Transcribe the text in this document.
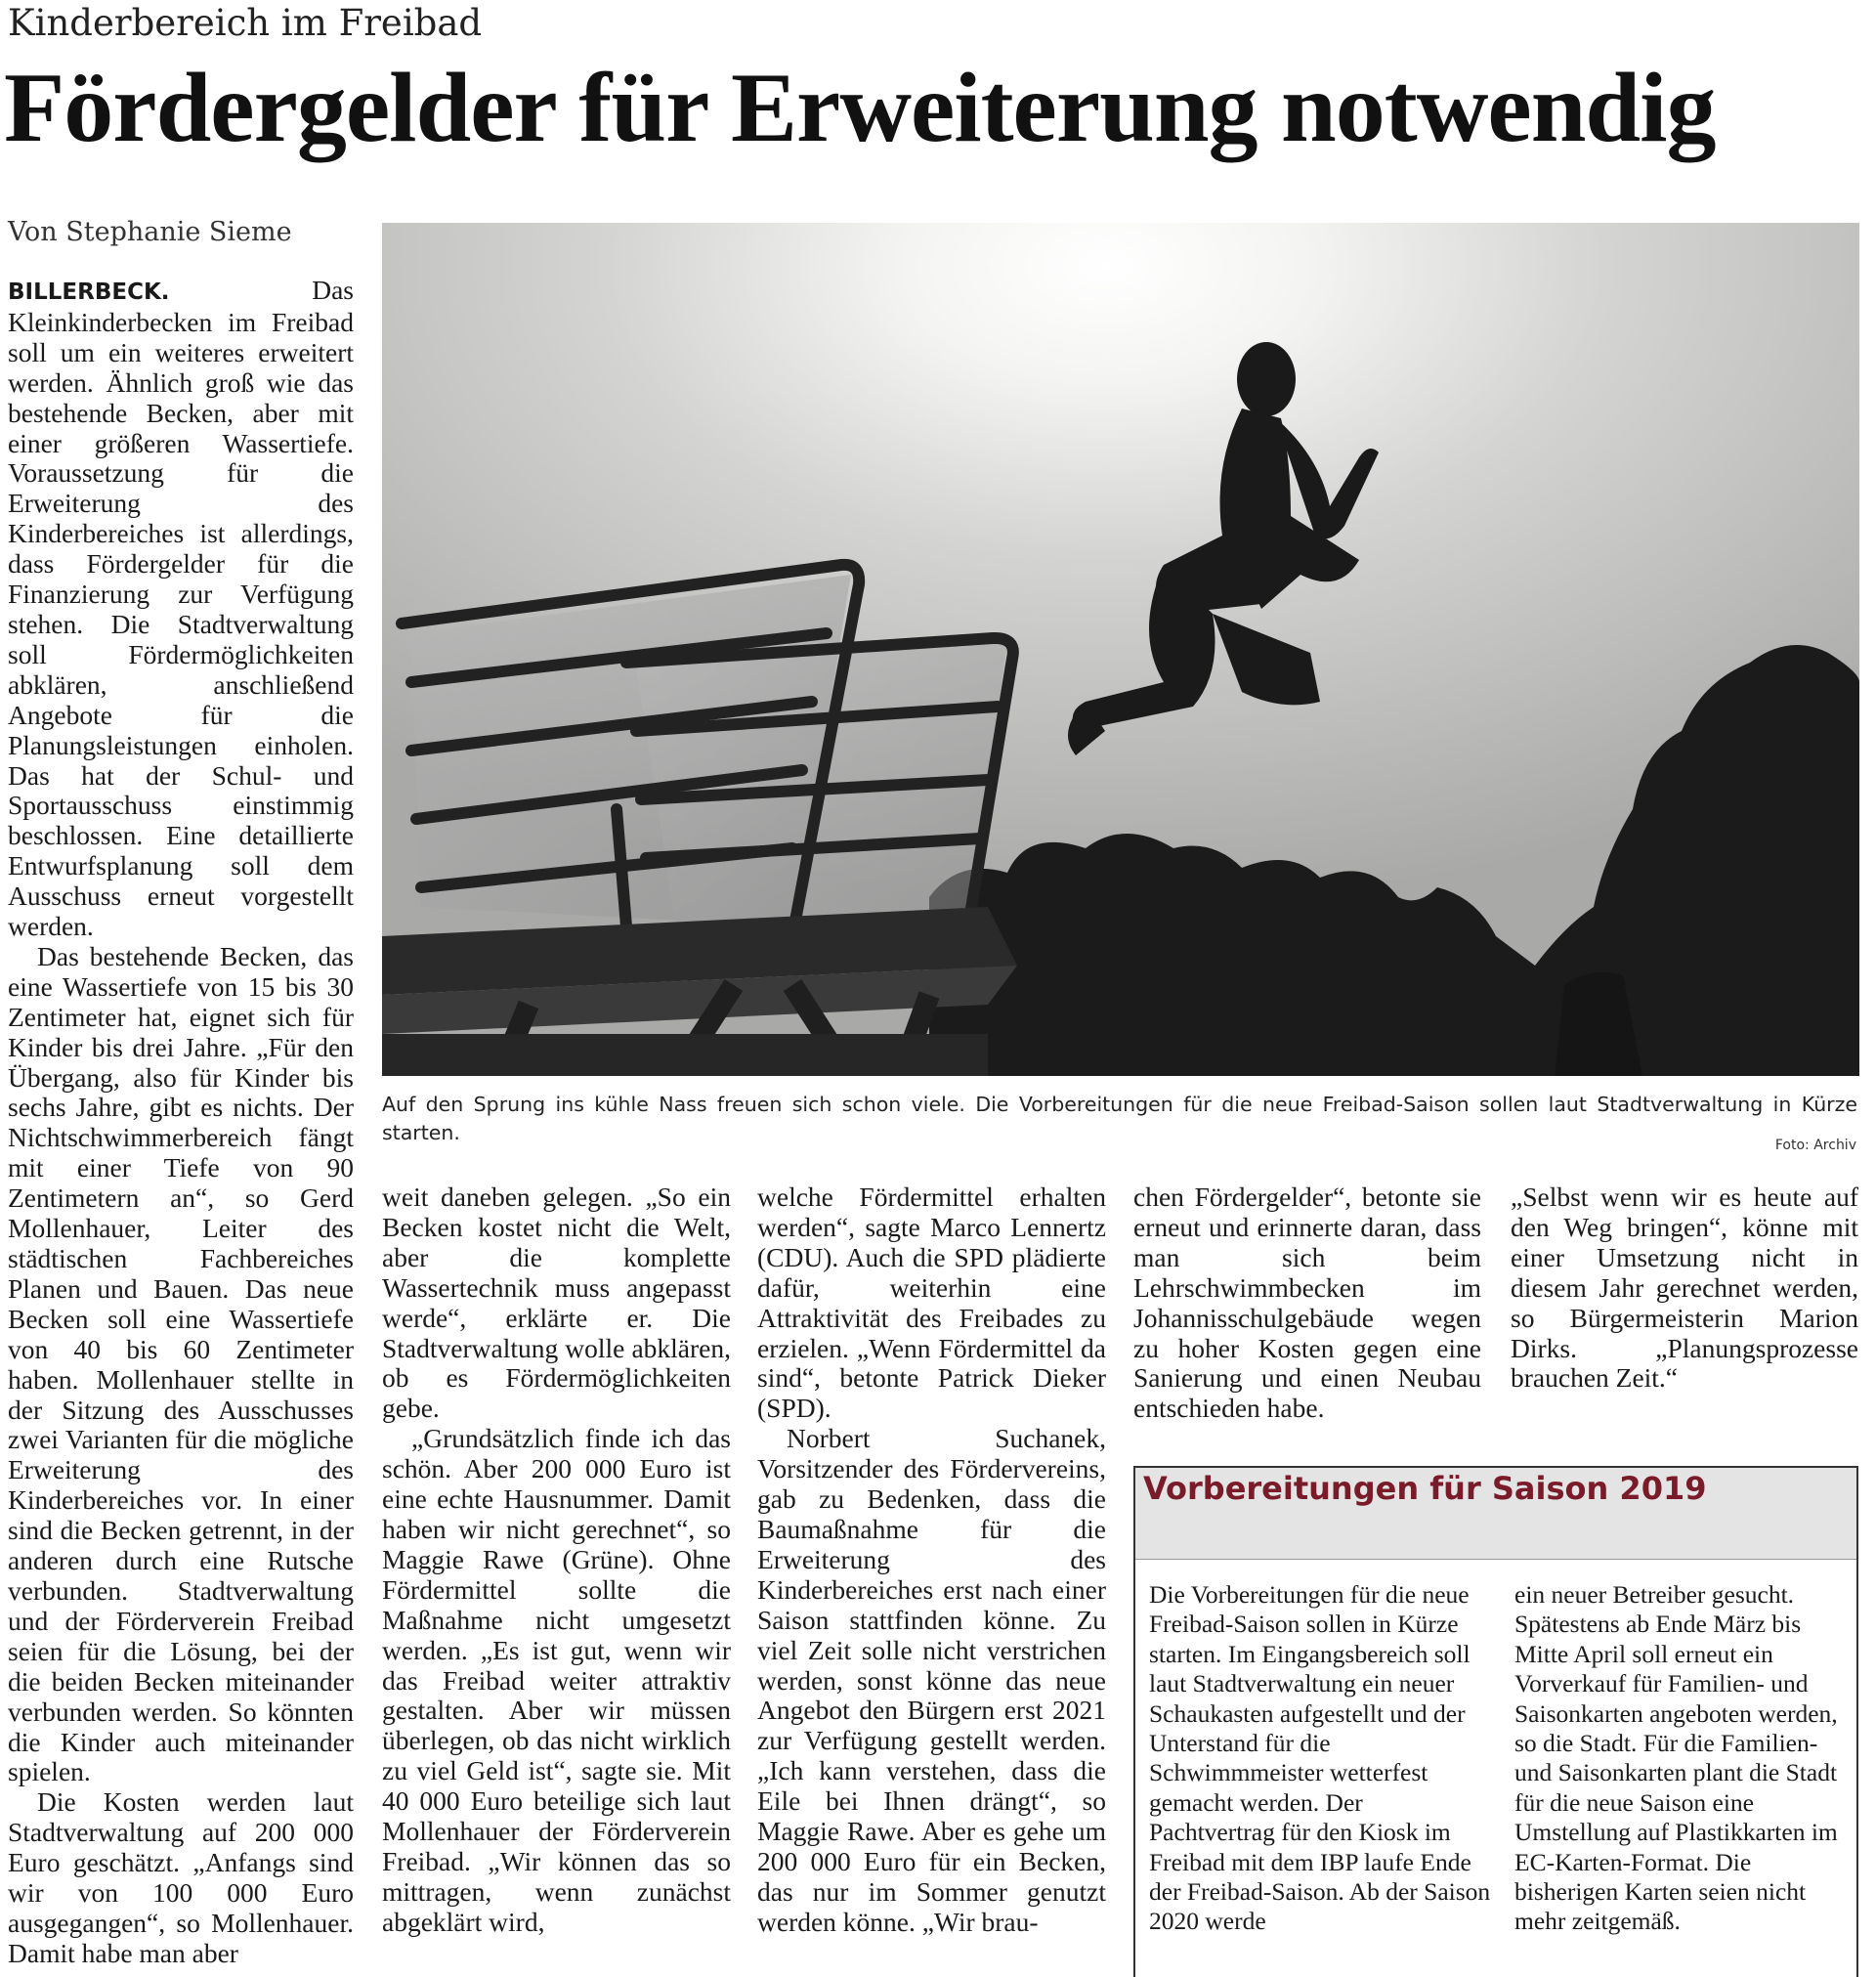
Kinderbereich im Freibad
Fördergelder für Erweiterung notwendig
Von Stephanie Sieme

BILLERBECK.	Das Kleinkinderbecken im Freibad soll um ein weiteres erweitert werden. Ähnlich groß wie das bestehende Becken, aber mit einer größeren Wassertiefe. Voraussetzung für die Erweiterung des Kinderbereiches ist allerdings, dass Fördergelder für die Finanzierung zur Verfügung stehen. Die Stadtverwaltung soll Fördermöglichkeiten abklären, anschließend Angebote für die Planungsleistungen einholen. Das hat der Schul- und Sportausschuss einstimmig beschlossen. Eine detaillierte Entwurfsplanung soll dem Ausschuss erneut vorgestellt werden.

Das bestehende Becken, das eine Wassertiefe von 15 bis 30 Zentimeter hat, eignet sich für Kinder bis drei Jahre. „Für den Übergang, also für Kinder bis sechs Jahre, gibt es nichts. Der Nichtschwimmerbereich fängt mit einer Tiefe von 90 Zentimetern an“, so Gerd Mollenhauer, Leiter des städtischen Fachbereiches Planen und Bauen. Das neue Becken soll eine Wassertiefe von 40 bis 60 Zentimeter haben. Mollenhauer stellte in der Sitzung des Ausschusses zwei Varianten für die mögliche Erweiterung des Kinderbereiches vor. In einer sind die Becken getrennt, in der anderen durch eine Rutsche verbunden. Stadtverwaltung und der Förderverein Freibad seien für die Lösung, bei der die beiden Becken miteinander verbunden werden. So könnten die Kinder auch miteinander spielen.

Die Kosten werden laut Stadtverwaltung auf 200 000 Euro geschätzt. „Anfangs sind wir von 100 000 Euro ausgegangen“, so Mollenhauer. Damit habe man aber

Auf den Sprung ins kühle Nass freuen sich schon viele. Die Vorbereitungen für die neue Freibad-Saison sollen laut Stadtverwaltung in Kürze starten.
Foto: Archiv

weit daneben gelegen. „So ein Becken kostet nicht die Welt, aber die komplette Wassertechnik muss angepasst werde“, erklärte er. Die Stadtverwaltung wolle abklären, ob es Fördermöglichkeiten gebe.

„Grundsätzlich finde ich das schön. Aber 200 000 Euro ist eine echte Hausnummer. Damit haben wir nicht gerechnet“, so Maggie Rawe (Grüne). Ohne Fördermittel sollte die Maßnahme nicht umgesetzt werden. „Es ist gut, wenn wir das Freibad weiter attraktiv gestalten. Aber wir müssen überlegen, ob das nicht wirklich zu viel Geld ist“, sagte sie. Mit 40 000 Euro beteilige sich laut Mollenhauer der Förderverein Freibad. „Wir können das so mittragen, wenn zunächst abgeklärt wird,

welche Fördermittel erhalten werden“, sagte Marco Lennertz (CDU). Auch die SPD plädierte dafür, weiterhin eine Attraktivität des Freibades zu erzielen. „Wenn Fördermittel da sind“, betonte Patrick Dieker (SPD).

Norbert Suchanek, Vorsitzender des Fördervereins, gab zu Bedenken, dass die Baumaßnahme für die Erweiterung des Kinderbereiches erst nach einer Saison stattfinden könne. Zu viel Zeit solle nicht verstrichen werden, sonst könne das neue Angebot den Bürgern erst 2021 zur Verfügung gestellt werden. „Ich kann verstehen, dass die Eile bei Ihnen drängt“, so Maggie Rawe. Aber es gehe um 200 000 Euro für ein Becken, das nur im Sommer genutzt werden könne. „Wir brau-

chen Fördergelder“, betonte sie erneut und erinnerte daran, dass man sich beim Lehrschwimmbecken im Johannisschulgebäude wegen zu hoher Kosten gegen eine Sanierung und einen Neubau entschieden habe.

„Selbst wenn wir es heute auf den Weg bringen“, könne mit einer Umsetzung nicht in diesem Jahr gerechnet werden, so Bürgermeisterin Marion Dirks. „Planungsprozesse brauchen Zeit.“

Vorbereitungen für Saison 2019

Die Vorbereitungen für die neue Freibad-Saison sollen in Kürze starten. Im Eingangsbereich soll laut Stadtverwaltung ein neuer Schaukasten aufgestellt und der Unterstand für die Schwimmmeister wetterfest gemacht werden. Der Pachtvertrag für den Kiosk im Freibad mit dem IBP laufe Ende der Freibad-Saison. Ab der Saison 2020 werde

ein neuer Betreiber gesucht. Spätestens ab Ende März bis Mitte April soll erneut ein Vorverkauf für Familien- und Saisonkarten angeboten werden, so die Stadt. Für die Familien- und Saisonkarten plant die Stadt für die neue Saison eine Umstellung auf Plastikkarten im EC-Karten-Format. Die bisherigen Karten seien nicht mehr zeitgemäß.
